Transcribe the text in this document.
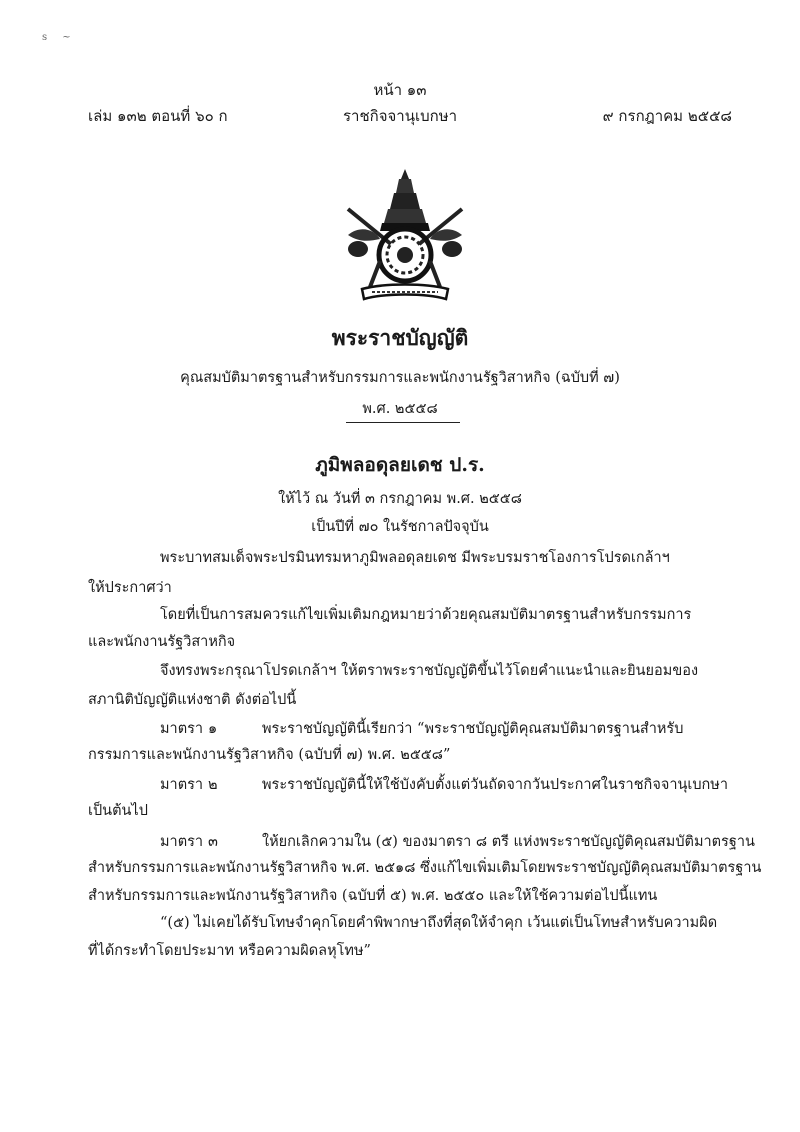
s ~
หน้า ๑๓
เล่ม ๑๓๒ ตอนที่ ๖๐ ก	ราชกิจจานุเบกษา	๙ กรกฎาคม ๒๕๕๘
พระราชบัญญัติ
คุณสมบัติมาตรฐานสำหรับกรรมการและพนักงานรัฐวิสาหกิจ (ฉบับที่ ๗)
พ.ศ. ๒๕๕๘
ภูมิพลอดุลยเดช ป.ร.
ให้ไว้ ณ วันที่ ๓ กรกฎาคม พ.ศ. ๒๕๕๘
เป็นปีที่ ๗๐ ในรัชกาลปัจจุบัน
พระบาทสมเด็จพระปรมินทรมหาภูมิพลอดุลยเดช มีพระบรมราชโองการโปรดเกล้าฯ
ให้ประกาศว่า
โดยที่เป็นการสมควรแก้ไขเพิ่มเติมกฎหมายว่าด้วยคุณสมบัติมาตรฐานสำหรับกรรมการ
และพนักงานรัฐวิสาหกิจ
จึงทรงพระกรุณาโปรดเกล้าฯ ให้ตราพระราชบัญญัติขึ้นไว้โดยคำแนะนำและยินยอมของ
สภานิติบัญญัติแห่งชาติ ดังต่อไปนี้
มาตรา ๑	พระราชบัญญัตินี้เรียกว่า “พระราชบัญญัติคุณสมบัติมาตรฐานสำหรับ
กรรมการและพนักงานรัฐวิสาหกิจ (ฉบับที่ ๗) พ.ศ. ๒๕๕๘”
มาตรา ๒	พระราชบัญญัตินี้ให้ใช้บังคับตั้งแต่วันถัดจากวันประกาศในราชกิจจานุเบกษา
เป็นต้นไป
มาตรา ๓	ให้ยกเลิกความใน (๕) ของมาตรา ๘ ตรี แห่งพระราชบัญญัติคุณสมบัติมาตรฐาน
สำหรับกรรมการและพนักงานรัฐวิสาหกิจ พ.ศ. ๒๕๑๘ ซึ่งแก้ไขเพิ่มเติมโดยพระราชบัญญัติคุณสมบัติมาตรฐาน
สำหรับกรรมการและพนักงานรัฐวิสาหกิจ (ฉบับที่ ๕) พ.ศ. ๒๕๕๐ และให้ใช้ความต่อไปนี้แทน
“(๕) ไม่เคยได้รับโทษจำคุกโดยคำพิพากษาถึงที่สุดให้จำคุก เว้นแต่เป็นโทษสำหรับความผิด
ที่ได้กระทำโดยประมาท หรือความผิดลหุโทษ”
